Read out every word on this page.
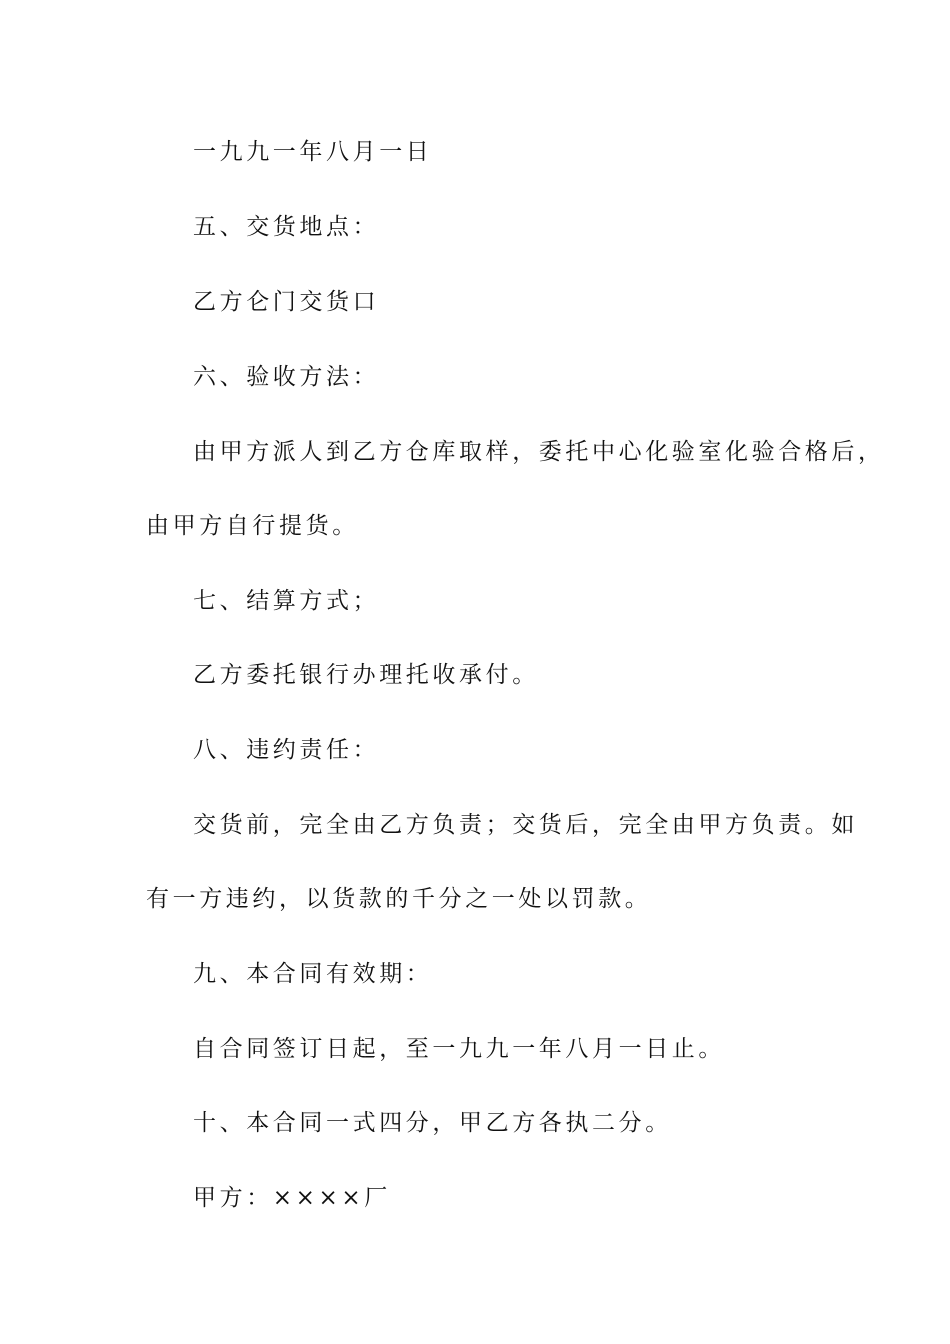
一九九一年八月一日
五、交货地点：
乙方仑门交货口
六、验收方法：
由甲方派人到乙方仓库取样，委托中心化验室化验合格后，
由甲方自行提货。
七、结算方式；
乙方委托银行办理托收承付。
八、违约责任：
交货前，完全由乙方负责；交货后，完全由甲方负责。如
有一方违约，以货款的千分之一处以罚款。
九、本合同有效期：
自合同签订日起，至一九九一年八月一日止。
十、本合同一式四分，甲乙方各执二分。
甲方：××××厂
